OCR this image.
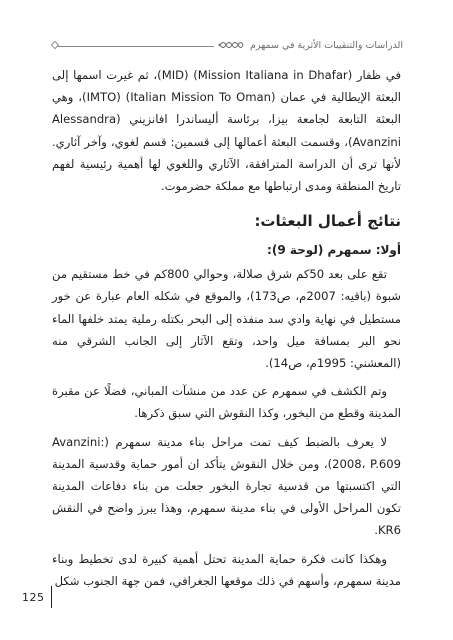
الدراسات والتنقيبات الأثرية في سمهرم

في ظفار (Mission Italiana in Dhafar) (MID)، ثم غيرت اسمها إلى البعثة الإيطالية في عمان (Italian Mission To Oman) (IMTO)، وهي البعثة التابعة لجامعة بيزا، برئاسة أليساندرا افانزيني (Alessandra Avanzini)، وقسمت البعثة أعمالها إلى قسمين: قسم لغوي، وآخر آثاري. لأنها ترى أن الدراسة المترافقة، الآثاري واللغوي لها أهمية رئيسية لفهم تاريخ المنطقة ومدى ارتباطها مع مملكة حضرموت.

نتائج أعمال البعثات:
أولا: سمهرم (لوحة 9):

تقع على بعد 50كم شرق صلالة، وحوالي 800كم في خط مستقيم من شبوة (باقيه: 2007م، ص173)، والموقع في شكله العام عبارة عن خور مستطيل في نهاية وادي سد منفذه إلى البحر بكتله رملية يمتد خلفها الماء نحو البر بمسافة ميل واحد، وتقع الآثار إلى الجانب الشرقي منه (المعشني: 1995م، ص14).

وتم الكشف في سمهرم عن عدد من منشآت المباني، فضلًا عن مقبرة المدينة وقطع من البخور، وكذا النقوش التي سبق ذكرها.

لا يعرف بالضبط كيف تمت مراحل بناء مدينة سمهرم (Avanzini: 2008، P.609)، ومن خلال النقوش يتأكد ان أمور حماية وقدسية المدينة التي اكتسبتها من قدسية تجارة البخور جعلت من بناء دفاعات المدينة تكون المراحل الأولى في بناء مدينة سمهرم، وهذا يبرز واضح في النقش KR6.

وهكذا كانت فكرة حماية المدينة تحتل أهمية كبيرة لدى تخطيط وبناء مدينة سمهرم، وأسهم في ذلك موقعها الجغرافي، فمن جهة الجنوب شكل

125
